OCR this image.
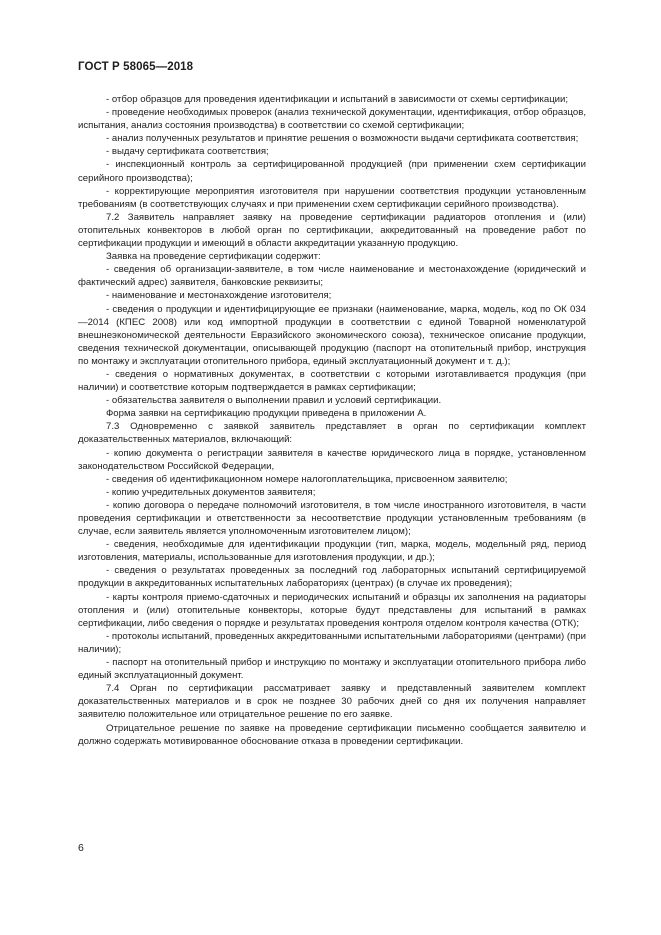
ГОСТ Р 58065—2018

- отбор образцов для проведения идентификации и испытаний в зависимости от схемы сертификации;

- проведение необходимых проверок (анализ технической документации, идентификация, отбор образцов, испытания, анализ состояния производства) в соответствии со схемой сертификации;

- анализ полученных результатов и принятие решения о возможности выдачи сертификата соответствия;

- выдачу сертификата соответствия;

- инспекционный контроль за сертифицированной продукцией (при применении схем сертификации серийного производства);

- корректирующие мероприятия изготовителя при нарушении соответствия продукции установленным требованиям (в соответствующих случаях и при применении схем сертификации серийного производства).

7.2 Заявитель направляет заявку на проведение сертификации радиаторов отопления и (или) отопительных конвекторов в любой орган по сертификации, аккредитованный на проведение работ по сертификации продукции и имеющий в области аккредитации указанную продукцию.

Заявка на проведение сертификации содержит:

- сведения об организации-заявителе, в том числе наименование и местонахождение (юридический и фактический адрес) заявителя, банковские реквизиты;

- наименование и местонахождение изготовителя;

- сведения о продукции и идентифицирующие ее признаки (наименование, марка, модель, код по ОК 034—2014 (КПЕС 2008) или код импортной продукции в соответствии с единой Товарной номенклатурой внешнеэкономической деятельности Евразийского экономического союза), техническое описание продукции, сведения технической документации, описывающей продукцию (паспорт на отопительный прибор, инструкция по монтажу и эксплуатации отопительного прибора, единый эксплуатационный документ и т. д.);

- сведения о нормативных документах, в соответствии с которыми изготавливается продукция (при наличии) и соответствие которым подтверждается в рамках сертификации;

- обязательства заявителя о выполнении правил и условий сертификации.

Форма заявки на сертификацию продукции приведена в приложении А.

7.3 Одновременно с заявкой заявитель представляет в орган по сертификации комплект доказательственных материалов, включающий:

- копию документа о регистрации заявителя в качестве юридического лица в порядке, установленном законодательством Российской Федерации,

- сведения об идентификационном номере налогоплательщика, присвоенном заявителю;

- копию учредительных документов заявителя;

- копию договора о передаче полномочий изготовителя, в том числе иностранного изготовителя, в части проведения сертификации и ответственности за несоответствие продукции установленным требованиям (в случае, если заявитель является уполномоченным изготовителем лицом);

- сведения, необходимые для идентификации продукции (тип, марка, модель, модельный ряд, период изготовления, материалы, использованные для изготовления продукции, и др.);

- сведения о результатах проведенных за последний год лабораторных испытаний сертифицируемой продукции в аккредитованных испытательных лабораториях (центрах) (в случае их проведения);

- карты контроля приемо-сдаточных и периодических испытаний и образцы их заполнения на радиаторы отопления и (или) отопительные конвекторы, которые будут представлены для испытаний в рамках сертификации, либо сведения о порядке и результатах проведения контроля отделом контроля качества (ОТК);

- протоколы испытаний, проведенных аккредитованными испытательными лабораториями (центрами) (при наличии);

- паспорт на отопительный прибор и инструкцию по монтажу и эксплуатации отопительного прибора либо единый эксплуатационный документ.

7.4 Орган по сертификации рассматривает заявку и представленный заявителем комплект доказательственных материалов и в срок не позднее 30 рабочих дней со дня их получения направляет заявителю положительное или отрицательное решение по его заявке.

Отрицательное решение по заявке на проведение сертификации письменно сообщается заявителю и должно содержать мотивированное обоснование отказа в проведении сертификации.

6
